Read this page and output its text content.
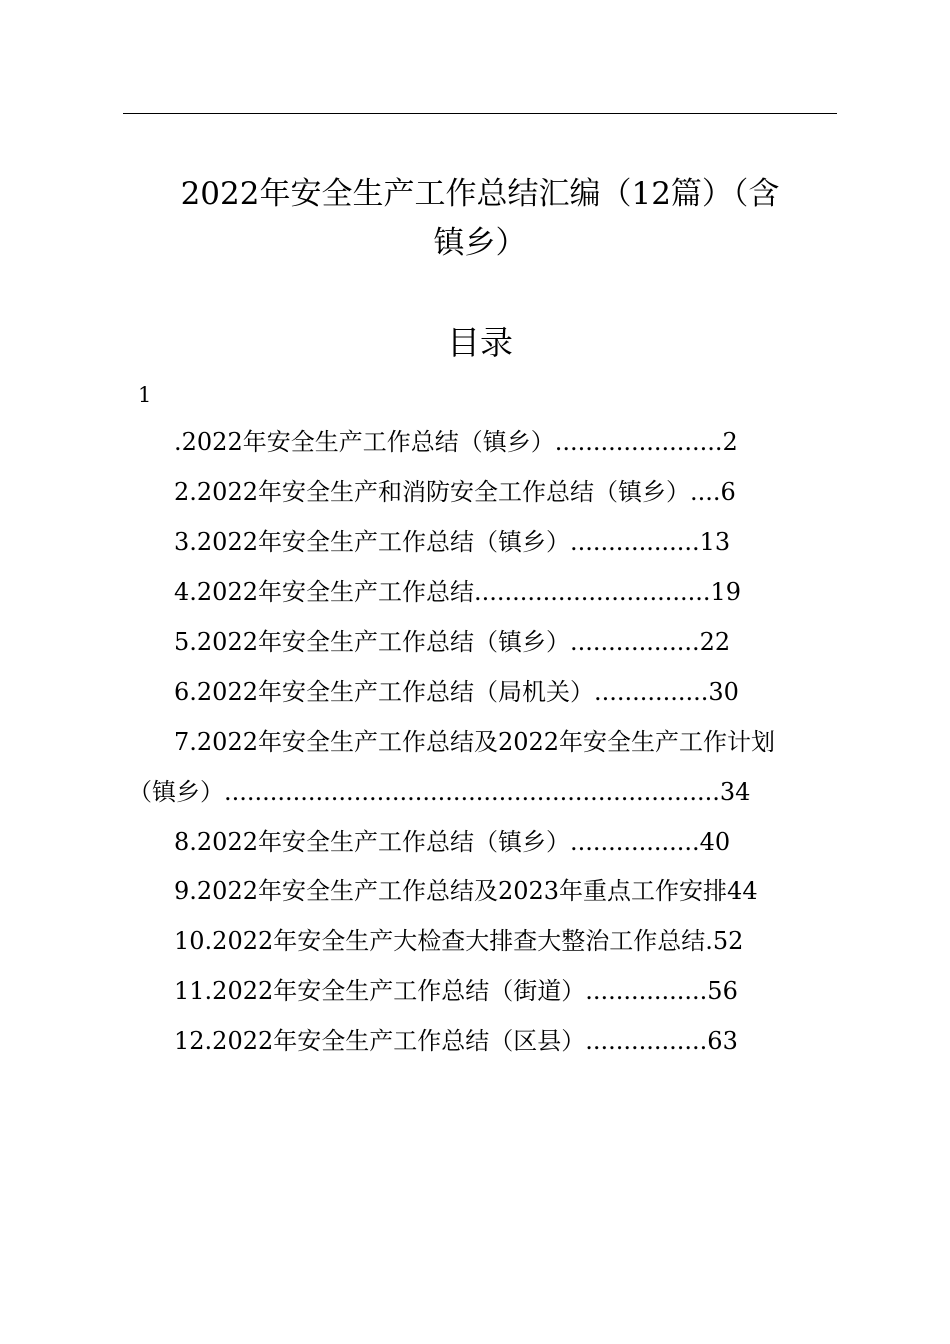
2022年安全生产工作总结汇编（12篇）（含
镇乡）
目录
1
.2022年安全生产工作总结（镇乡）......................2
2.2022年安全生产和消防安全工作总结（镇乡）....6
3.2022年安全生产工作总结（镇乡）.................13
4.2022年安全生产工作总结...............................19
5.2022年安全生产工作总结（镇乡）.................22
6.2022年安全生产工作总结（局机关）...............30
7.2022年安全生产工作总结及2022年安全生产工作计划
（镇乡）.................................................................34
8.2022年安全生产工作总结（镇乡）.................40
9.2022年安全生产工作总结及2023年重点工作安排44
10.2022年安全生产大检查大排查大整治工作总结.52
11.2022年安全生产工作总结（街道）................56
12.2022年安全生产工作总结（区县）................63
